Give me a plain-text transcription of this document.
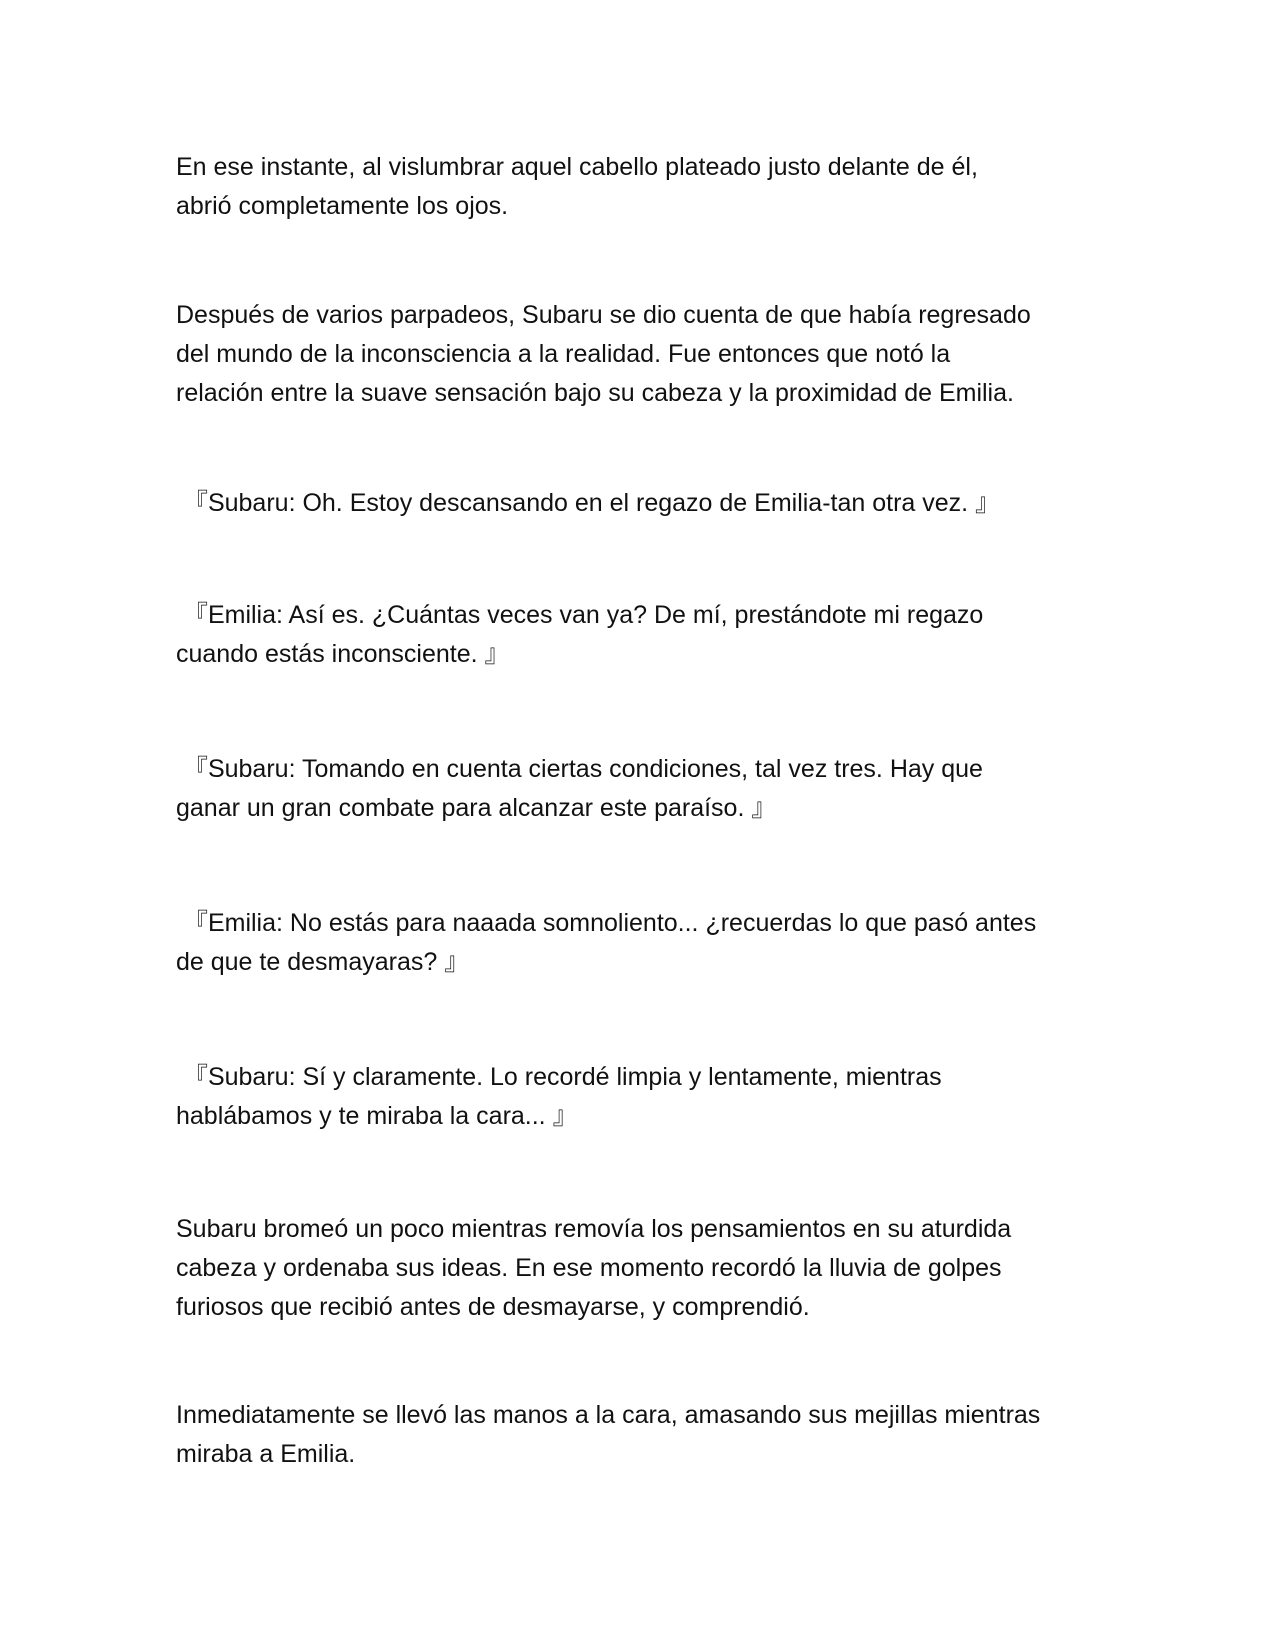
En ese instante, al vislumbrar aquel cabello plateado justo delante de él,
abrió completamente los ojos.

Después de varios parpadeos, Subaru se dio cuenta de que había regresado
del mundo de la inconsciencia a la realidad. Fue entonces que notó la
relación entre la suave sensación bajo su cabeza y la proximidad de Emilia.

『Subaru: Oh. Estoy descansando en el regazo de Emilia-tan otra vez. 』

『Emilia: Así es. ¿Cuántas veces van ya? De mí, prestándote mi regazo
cuando estás inconsciente. 』

『Subaru: Tomando en cuenta ciertas condiciones, tal vez tres. Hay que
ganar un gran combate para alcanzar este paraíso. 』

『Emilia: No estás para naaada somnoliento... ¿recuerdas lo que pasó antes
de que te desmayaras? 』

『Subaru: Sí y claramente. Lo recordé limpia y lentamente, mientras
hablábamos y te miraba la cara... 』

Subaru bromeó un poco mientras removía los pensamientos en su aturdida
cabeza y ordenaba sus ideas. En ese momento recordó la lluvia de golpes
furiosos que recibió antes de desmayarse, y comprendió.

Inmediatamente se llevó las manos a la cara, amasando sus mejillas mientras
miraba a Emilia.
